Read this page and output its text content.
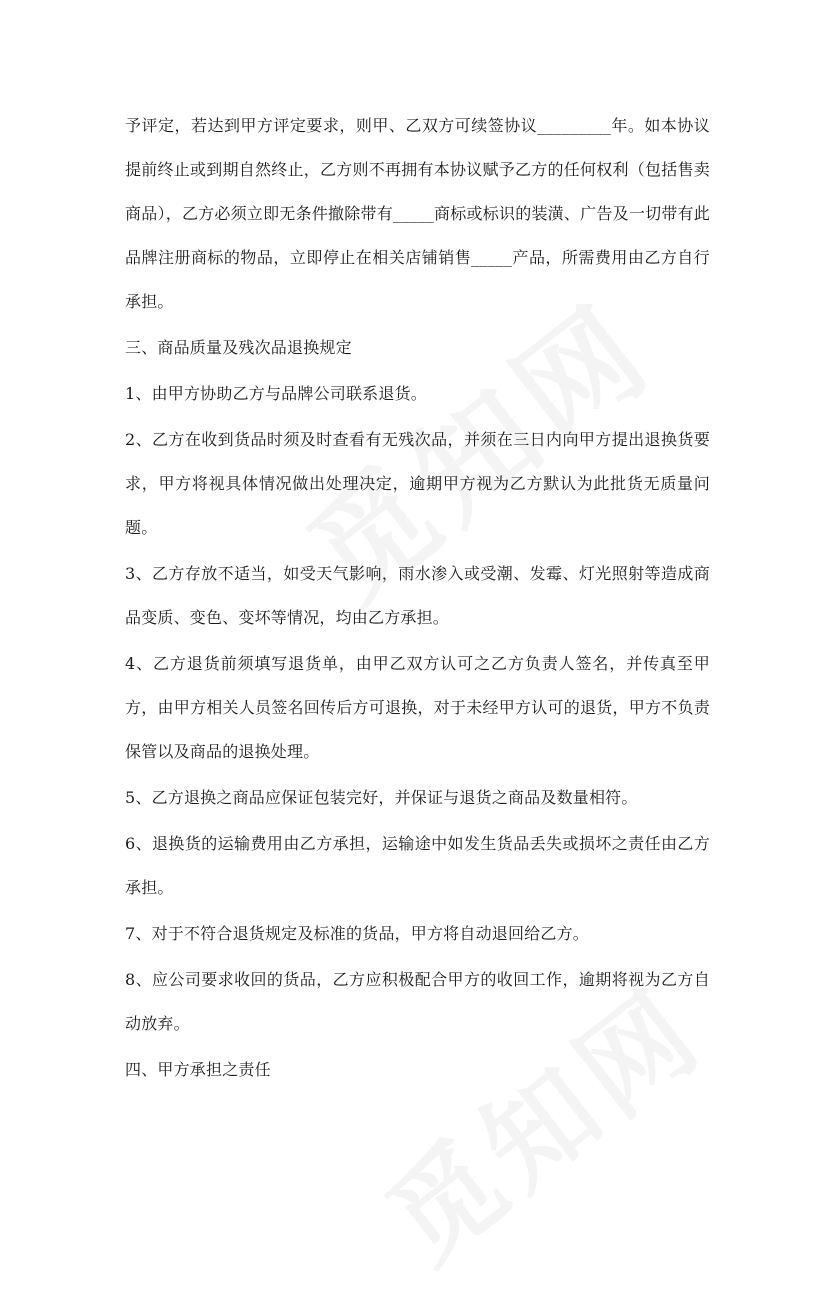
予评定，若达到甲方评定要求，则甲、乙双方可续签协议_________年。如本协议提前终止或到期自然终止，乙方则不再拥有本协议赋予乙方的任何权利（包括售卖商品），乙方必须立即无条件撤除带有_____商标或标识的装潢、广告及一切带有此品牌注册商标的物品，立即停止在相关店铺销售_____产品，所需费用由乙方自行承担。

三、商品质量及残次品退换规定

1、由甲方协助乙方与品牌公司联系退货。

2、乙方在收到货品时须及时查看有无残次品，并须在三日内向甲方提出退换货要求，甲方将视具体情况做出处理决定，逾期甲方视为乙方默认为此批货无质量问题。

3、乙方存放不适当，如受天气影响，雨水渗入或受潮、发霉、灯光照射等造成商品变质、变色、变坏等情况，均由乙方承担。

4、乙方退货前须填写退货单，由甲乙双方认可之乙方负责人签名，并传真至甲方，由甲方相关人员签名回传后方可退换，对于未经甲方认可的退货，甲方不负责保管以及商品的退换处理。

5、乙方退换之商品应保证包装完好，并保证与退货之商品及数量相符。

6、退换货的运输费用由乙方承担，运输途中如发生货品丢失或损坏之责任由乙方承担。

7、对于不符合退货规定及标准的货品，甲方将自动退回给乙方。

8、应公司要求收回的货品，乙方应积极配合甲方的收回工作，逾期将视为乙方自动放弃。

四、甲方承担之责任
